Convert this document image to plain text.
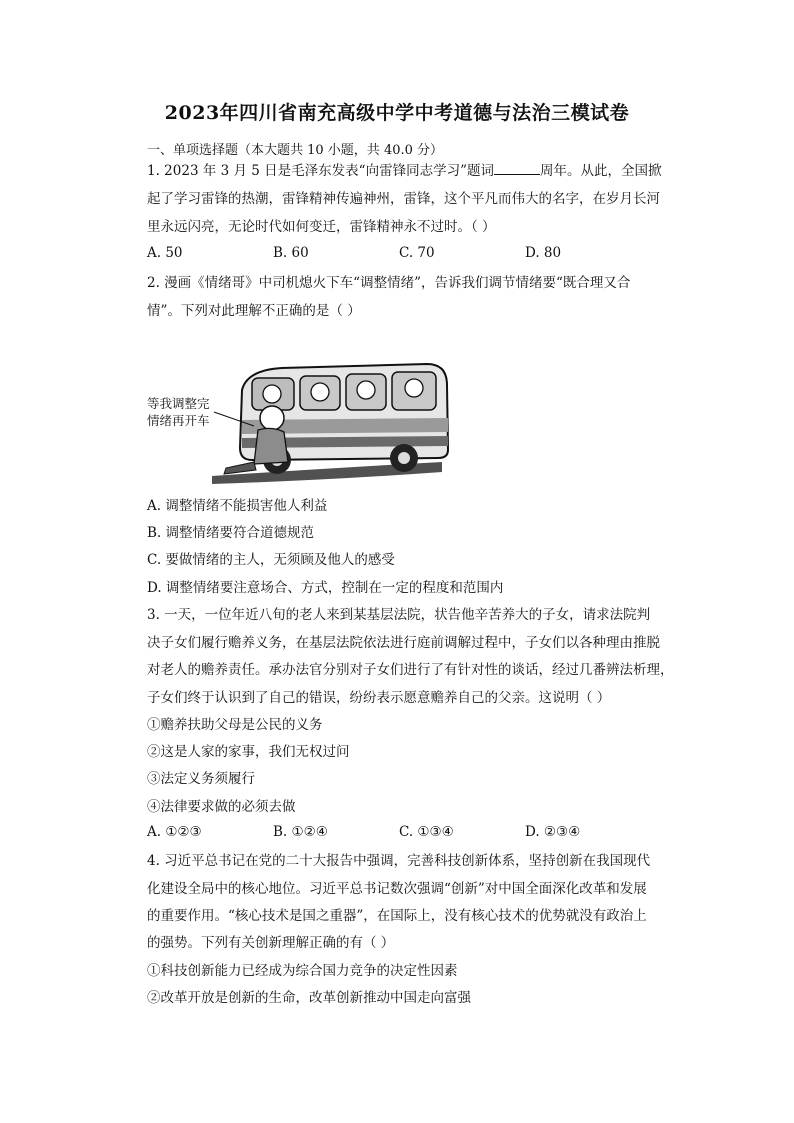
2023年四川省南充高级中学中考道德与法治三模试卷
一、单项选择题（本大题共 10 小题，共 40.0 分）
1. 2023 年 3 月 5 日是毛泽东发表“向雷锋同志学习”题词	周年。从此，全国掀
起了学习雷锋的热潮，雷锋精神传遍神州，雷锋，这个平凡而伟大的名字，在岁月长河
里永远闪亮，无论时代如何变迁，雷锋精神永不过时。（ ）
A. 50	B. 60	C. 70	D. 80
2. 漫画《情绪哥》中司机熄火下车“调整情绪”，告诉我们调节情绪要“既合理又合
情”。下列对此理解不正确的是（ ）
等我调整完
情绪再开车
A. 调整情绪不能损害他人利益
B. 调整情绪要符合道德规范
C. 要做情绪的主人，无须顾及他人的感受
D. 调整情绪要注意场合、方式，控制在一定的程度和范围内
3. 一天，一位年近八旬的老人来到某基层法院，状告他辛苦养大的子女，请求法院判
决子女们履行赡养义务，在基层法院依法进行庭前调解过程中，子女们以各种理由推脱
对老人的赡养责任。承办法官分别对子女们进行了有针对性的谈话，经过几番辨法析理，
子女们终于认识到了自己的错误，纷纷表示愿意赡养自己的父亲。这说明（ ）
①赡养扶助父母是公民的义务
②这是人家的家事，我们无权过问
③法定义务须履行
④法律要求做的必须去做
A. ①②③	B. ①②④	C. ①③④	D. ②③④
4. 习近平总书记在党的二十大报告中强调，完善科技创新体系，坚持创新在我国现代
化建设全局中的核心地位。习近平总书记数次强调“创新”对中国全面深化改革和发展
的重要作用。“核心技术是国之重器”，在国际上，没有核心技术的优势就没有政治上
的强势。下列有关创新理解正确的有（ ）
①科技创新能力已经成为综合国力竞争的决定性因素
②改革开放是创新的生命，改革创新推动中国走向富强
